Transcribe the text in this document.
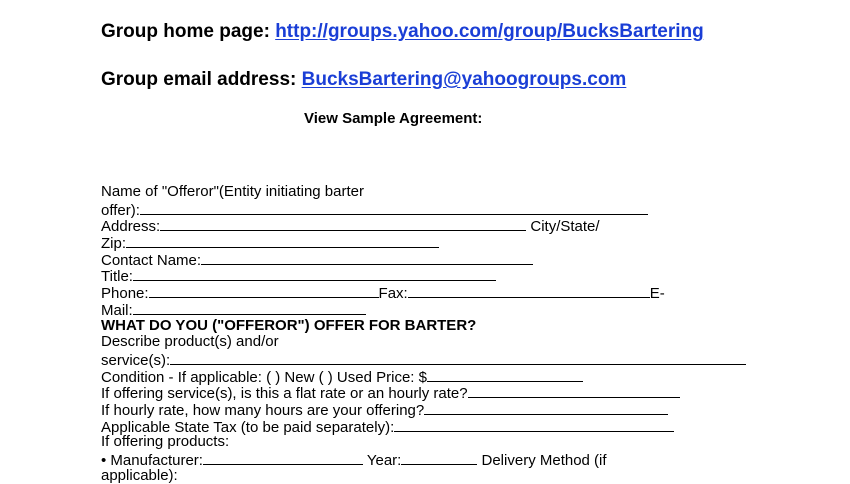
Group home page: http://groups.yahoo.com/group/BucksBartering
Group email address: BucksBartering@yahoogroups.com
View Sample Agreement:
Name of "Offeror"(Entity initiating barter
offer):
Address:	City/State/
Zip:
Contact Name:
Title:
Phone:	Fax:	E-
Mail:
WHAT DO YOU ("OFFEROR") OFFER FOR BARTER?
Describe product(s) and/or
service(s):
Condition - If applicable: ( ) New ( ) Used Price: $
If offering service(s), is this a flat rate or an hourly rate?
If hourly rate, how many hours are your offering?
Applicable State Tax (to be paid separately):
If offering products:
• Manufacturer:	Year:	Delivery Method (if
applicable):
